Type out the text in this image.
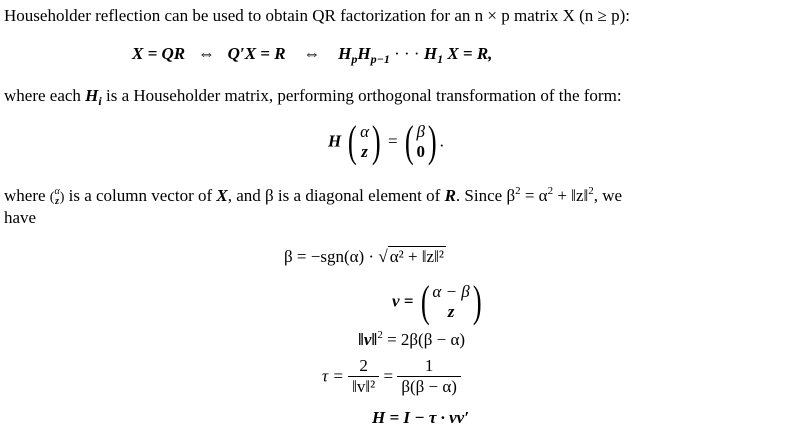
Householder reflection can be used to obtain QR factorization for an n × p matrix X (n ≥ p):
X = QR ⇔ Q′X = R ⇔ $H_pH_{p-1}$ · · · $H_1$ X = R,
where each $H_i$ is a Householder matrix, performing orthogonal transformation of the form:
H ( α
z) = ( β
0) .
where (α
z) is a column vector of X, and β is a diagonal element of R. Since $\beta^2 = \alpha^2$ + ‖z‖$^2$, we
have
β = −sgn(α) · √ α² + ‖z‖²
v = ( α − β
z )
‖v‖$^2$ = 2β(β − α)
$\tau = \frac{2}{\text{‖v‖²}} = \frac{1}{\beta(\beta - \alpha)}$
H = I − τ · vv′
